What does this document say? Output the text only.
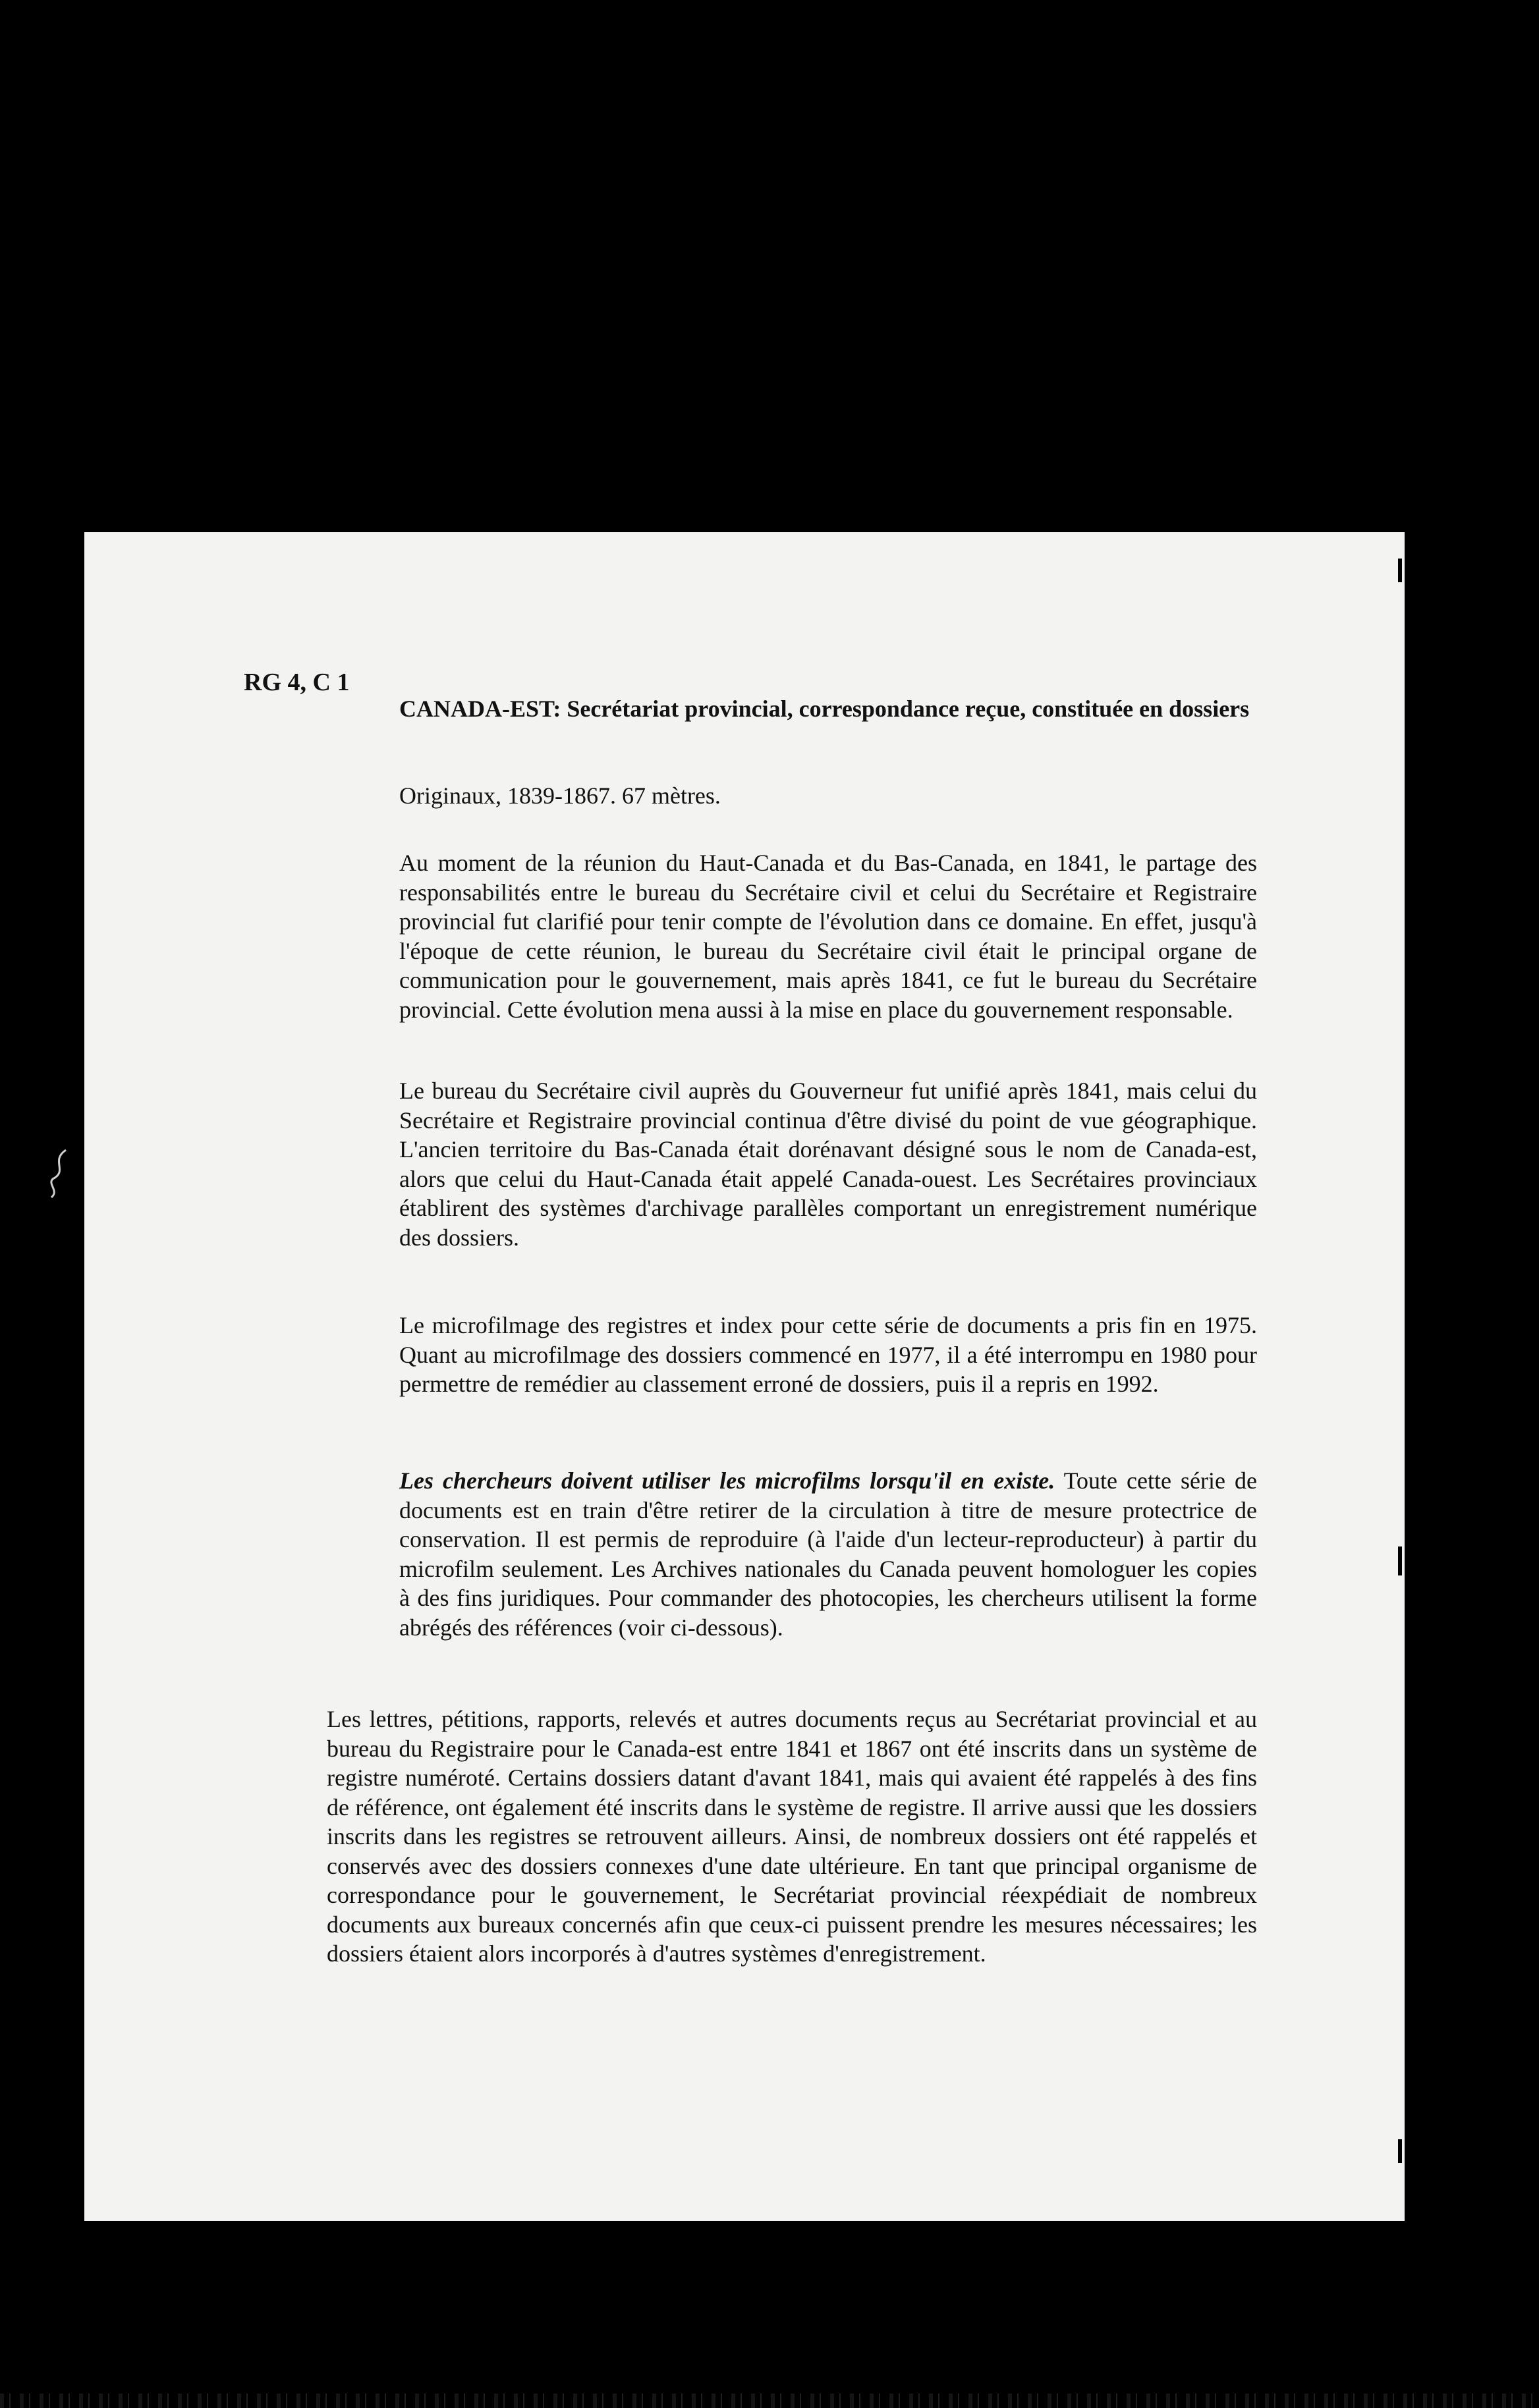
RG 4, C 1
CANADA-EST: Secrétariat provincial, correspondance reçue, constituée en dossiers

Originaux, 1839-1867. 67 mètres.

Au moment de la réunion du Haut-Canada et du Bas-Canada, en 1841, le partage des responsabilités entre le bureau du Secrétaire civil et celui du Secrétaire et Registraire provincial fut clarifié pour tenir compte de l'évolution dans ce domaine. En effet, jusqu'à l'époque de cette réunion, le bureau du Secrétaire civil était le principal organe de communication pour le gouvernement, mais après 1841, ce fut le bureau du Secrétaire provincial. Cette évolution mena aussi à la mise en place du gouvernement responsable.

Le bureau du Secrétaire civil auprès du Gouverneur fut unifié après 1841, mais celui du Secrétaire et Registraire provincial continua d'être divisé du point de vue géographique. L'ancien territoire du Bas-Canada était dorénavant désigné sous le nom de Canada-est, alors que celui du Haut-Canada était appelé Canada-ouest. Les Secrétaires provinciaux établirent des systèmes d'archivage parallèles comportant un enregistrement numérique des dossiers.

Le microfilmage des registres et index pour cette série de documents a pris fin en 1975. Quant au microfilmage des dossiers commencé en 1977, il a été interrompu en 1980 pour permettre de remédier au classement erroné de dossiers, puis il a repris en 1992.

Les chercheurs doivent utiliser les microfilms lorsqu'il en existe. Toute cette série de documents est en train d'être retirer de la circulation à titre de mesure protectrice de conservation. Il est permis de reproduire (à l'aide d'un lecteur-reproducteur) à partir du microfilm seulement. Les Archives nationales du Canada peuvent homologuer les copies à des fins juridiques. Pour commander des photocopies, les chercheurs utilisent la forme abrégés des références (voir ci-dessous).

Les lettres, pétitions, rapports, relevés et autres documents reçus au Secrétariat provincial et au bureau du Registraire pour le Canada-est entre 1841 et 1867 ont été inscrits dans un système de registre numéroté. Certains dossiers datant d'avant 1841, mais qui avaient été rappelés à des fins de référence, ont également été inscrits dans le système de registre. Il arrive aussi que les dossiers inscrits dans les registres se retrouvent ailleurs. Ainsi, de nombreux dossiers ont été rappelés et conservés avec des dossiers connexes d'une date ultérieure. En tant que principal organisme de correspondance pour le gouvernement, le Secrétariat provincial réexpédiait de nombreux documents aux bureaux concernés afin que ceux-ci puissent prendre les mesures nécessaires; les dossiers étaient alors incorporés à d'autres systèmes d'enregistrement.
